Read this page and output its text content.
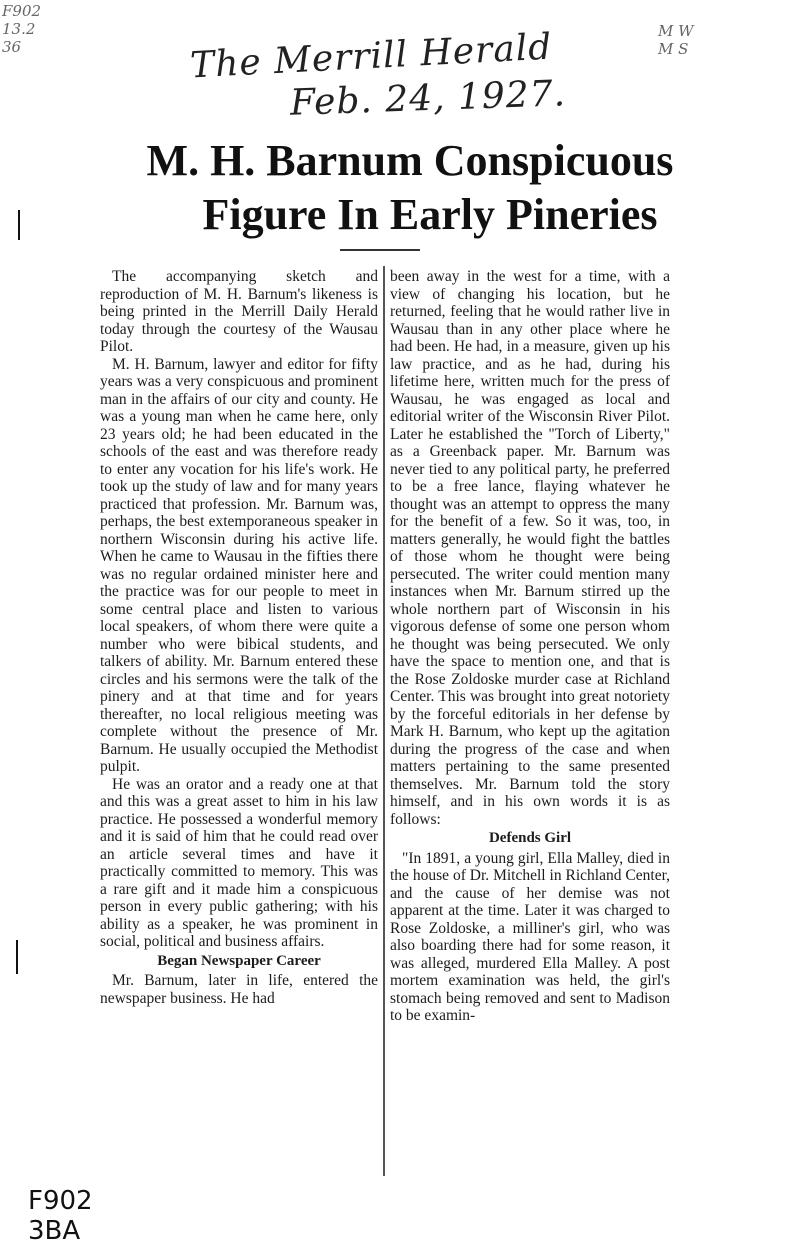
F902
13.2
36
M W
M S
The Merrill Herald
Feb. 24, 1927.
M. H. Barnum Conspicuous
Figure In Early Pineries

The accompanying sketch and reproduction of M. H. Barnum's likeness is being printed in the Merrill Daily Herald today through the courtesy of the Wausau Pilot.

M. H. Barnum, lawyer and editor for fifty years was a very conspicuous and prominent man in the affairs of our city and county. He was a young man when he came here, only 23 years old; he had been educated in the schools of the east and was therefore ready to enter any vocation for his life's work. He took up the study of law and for many years practiced that profession. Mr. Barnum was, perhaps, the best extemporaneous speaker in northern Wisconsin during his active life. When he came to Wausau in the fifties there was no regular ordained minister here and the practice was for our people to meet in some central place and listen to various local speakers, of whom there were quite a number who were bibical students, and talkers of ability. Mr. Barnum entered these circles and his sermons were the talk of the pinery and at that time and for years thereafter, no local religious meeting was complete without the presence of Mr. Barnum. He usually occupied the Methodist pulpit.

He was an orator and a ready one at that and this was a great asset to him in his law practice. He possessed a wonderful memory and it is said of him that he could read over an article several times and have it practically committed to memory. This was a rare gift and it made him a conspicuous person in every public gathering; with his ability as a speaker, he was prominent in social, political and business affairs.

Began Newspaper Career

Mr. Barnum, later in life, entered the newspaper business. He had

been away in the west for a time, with a view of changing his location, but he returned, feeling that he would rather live in Wausau than in any other place where he had been. He had, in a measure, given up his law practice, and as he had, during his lifetime here, written much for the press of Wausau, he was engaged as local and editorial writer of the Wisconsin River Pilot. Later he established the "Torch of Liberty," as a Greenback paper. Mr. Barnum was never tied to any political party, he preferred to be a free lance, flaying whatever he thought was an attempt to oppress the many for the benefit of a few. So it was, too, in matters generally, he would fight the battles of those whom he thought were being persecuted. The writer could mention many instances when Mr. Barnum stirred up the whole northern part of Wisconsin in his vigorous defense of some one person whom he thought was being persecuted. We only have the space to mention one, and that is the Rose Zoldoske murder case at Richland Center. This was brought into great notoriety by the forceful editorials in her defense by Mark H. Barnum, who kept up the agitation during the progress of the case and when matters pertaining to the same presented themselves. Mr. Barnum told the story himself, and in his own words it is as follows:

Defends Girl

"In 1891, a young girl, Ella Malley, died in the house of Dr. Mitchell in Richland Center, and the cause of her demise was not apparent at the time. Later it was charged to Rose Zoldoske, a milliner's girl, who was also boarding there had for some reason, it was alleged, murdered Ella Malley. A post mortem examination was held, the girl's stomach being removed and sent to Madison to be examin-

F902
3BA
